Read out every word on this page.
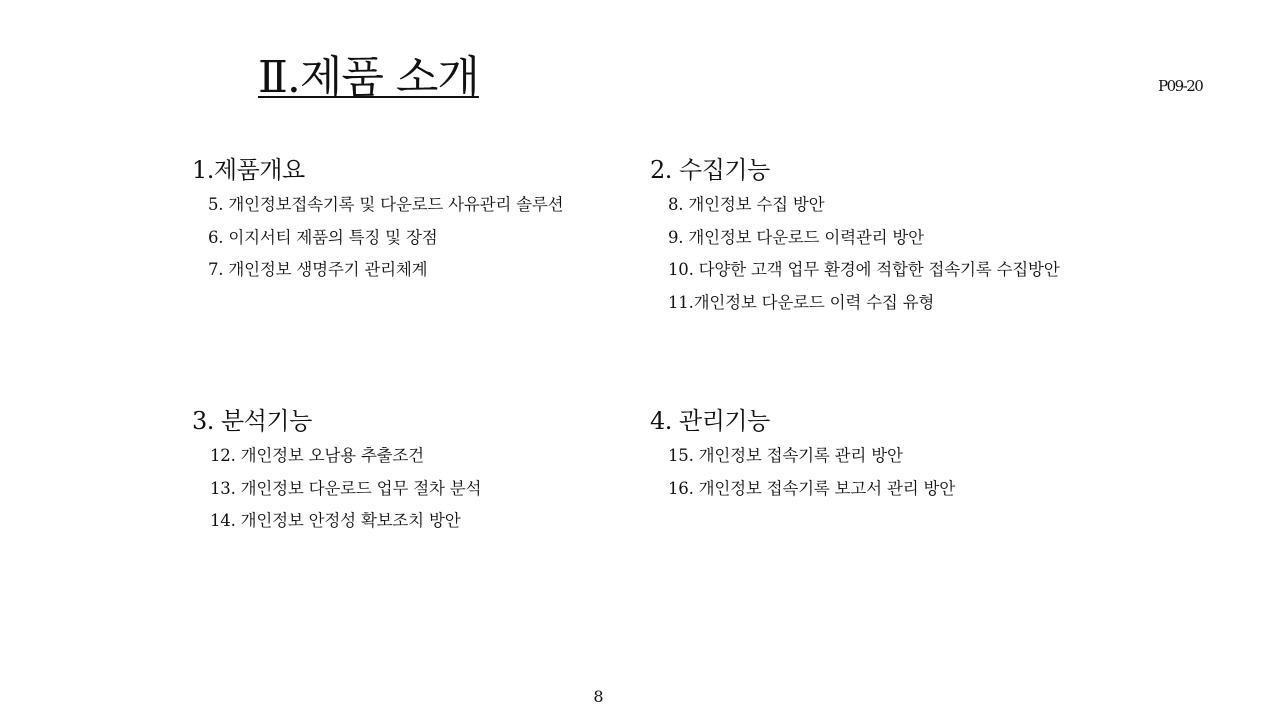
Ⅱ.제품 소개	P09-20
1.제품개요
5. 개인정보접속기록 및 다운로드 사유관리 솔루션
6. 이지서티 제품의 특징 및 장점
7. 개인정보 생명주기 관리체계
2. 수집기능
8. 개인정보 수집 방안
9. 개인정보 다운로드 이력관리 방안
10. 다양한 고객 업무 환경에 적합한 접속기록 수집방안
11.개인정보 다운로드 이력 수집 유형
3. 분석기능
12. 개인정보 오남용 추출조건
13. 개인정보 다운로드 업무 절차 분석
14. 개인정보 안정성 확보조치 방안
4. 관리기능
15. 개인정보 접속기록 관리 방안
16. 개인정보 접속기록 보고서 관리 방안
8
